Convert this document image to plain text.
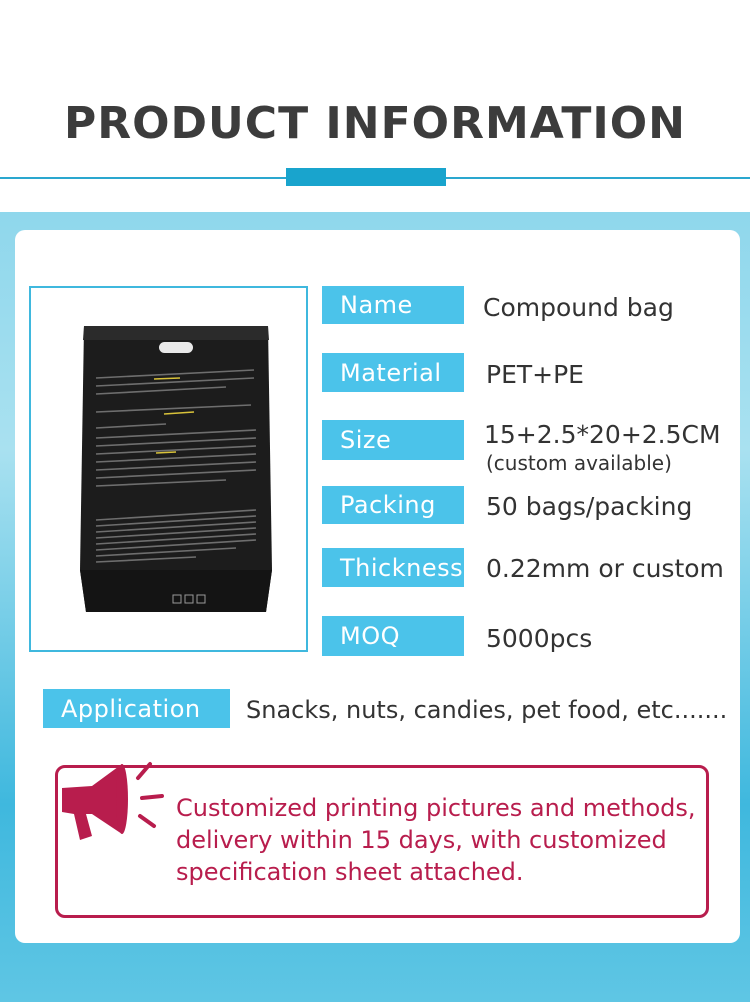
PRODUCT INFORMATION
Name	Compound bag
Material	PET+PE
Size	15+2.5*20+2.5CM
(custom available)
Packing	50 bags/packing
Thickness 0.22mm or custom
MOQ	5000pcs
Application	Snacks, nuts, candies, pet food, etc.......
Customized printing pictures and methods,
delivery within 15 days, with customized
specification sheet attached.
